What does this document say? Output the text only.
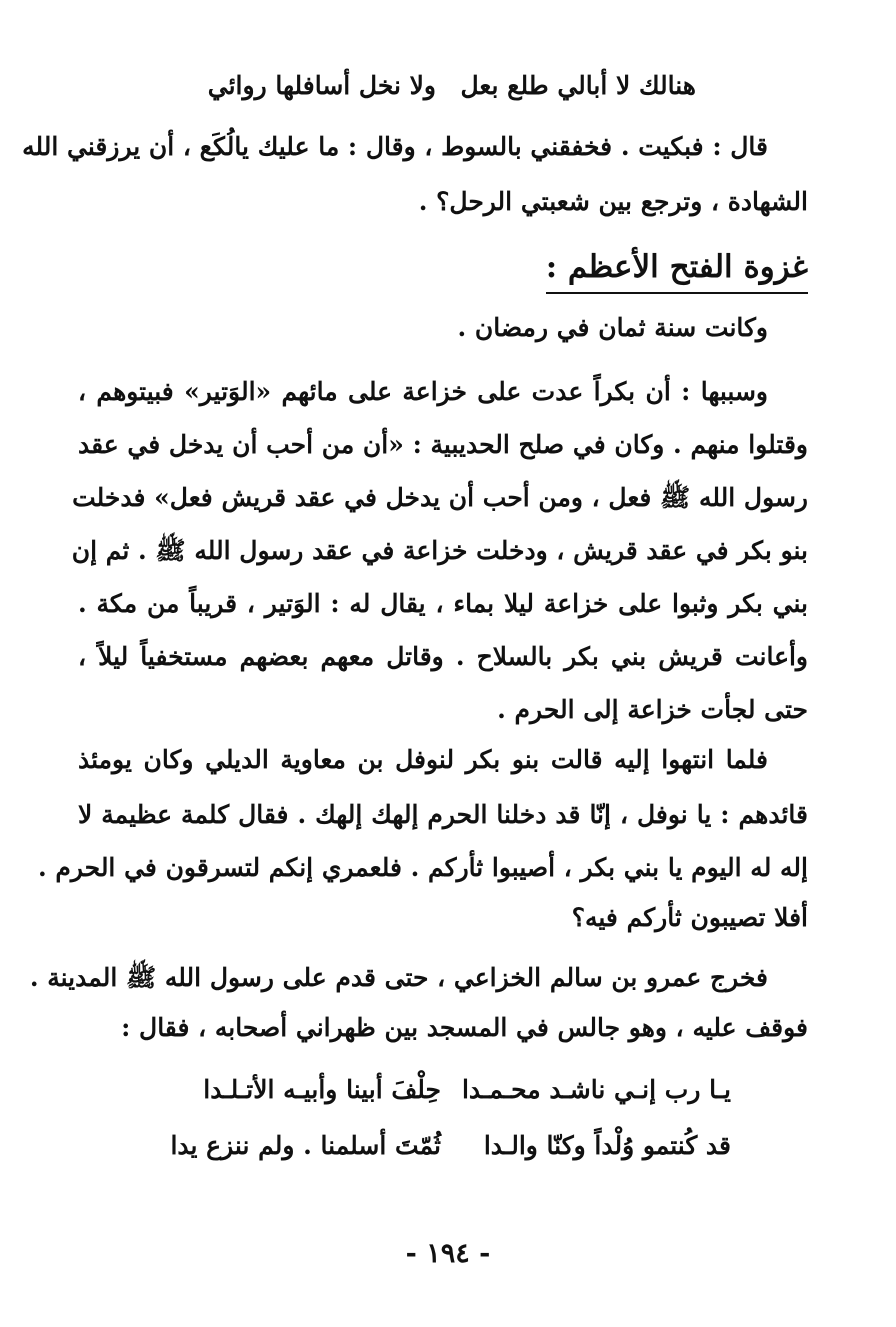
هنالك لا أبالي طلع بعل
ولا نخل أسافلها روائي
قال : فبكيت . فخفقني بالسوط ، وقال : ما عليك يالُكَع ، أن يرزقني الله
الشهادة ، وترجع بين شعبتي الرحل؟ .
غزوة الفتح الأعظم :
وكانت سنة ثمان في رمضان .
وسببها : أن بكراً عدت على خزاعة على مائهم «الوَتير» فبيتوهم ،
وقتلوا منهم . وكان في صلح الحديبية : «أن من أحب أن يدخل في عقد
رسول الله ﷺ فعل ، ومن أحب أن يدخل في عقد قريش فعل» فدخلت
بنو بكر في عقد قريش ، ودخلت خزاعة في عقد رسول الله ﷺ . ثم إن
بني بكر وثبوا على خزاعة ليلا بماء ، يقال له : الوَتير ، قريباً من مكة .
وأعانت قريش بني بكر بالسلاح . وقاتل معهم بعضهم مستخفياً ليلاً ،
حتى لجأت خزاعة إلى الحرم .
فلما انتهوا إليه قالت بنو بكر لنوفل بن معاوية الديلي وكان يومئذ
قائدهم : يا نوفل ، إنّا قد دخلنا الحرم إلهك إلهك . فقال كلمة عظيمة لا
إله له اليوم يا بني بكر ، أصيبوا ثأركم . فلعمري إنكم لتسرقون في الحرم .
أفلا تصيبون ثأركم فيه؟
فخرج عمرو بن سالم الخزاعي ، حتى قدم على رسول الله ﷺ المدينة .
فوقف عليه ، وهو جالس في المسجد بين ظهراني أصحابه ، فقال :
يـا رب إنـي ناشـد محـمـدا
حِلْفَ أبينا وأبيـه الأتـلـدا
قد كُنتمو وُلْداً وكنّا والـدا
ثُمّتَ أسلمنا . ولم ننزع يدا
- ١٩٤ -
